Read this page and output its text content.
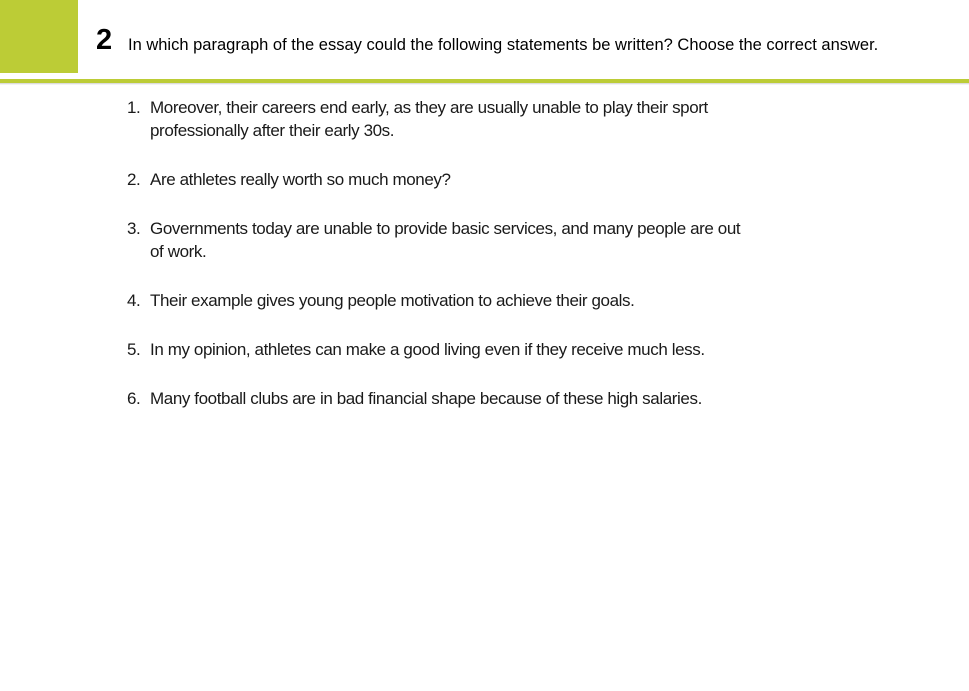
2 In which paragraph of the essay could the following statements be written? Choose the correct answer.
1. Moreover, their careers end early, as they are usually unable to play their sport professionally after their early 30s.
2. Are athletes really worth so much money?
3. Governments today are unable to provide basic services, and many people are out of work.
4. Their example gives young people motivation to achieve their goals.
5. In my opinion, athletes can make a good living even if they receive much less.
6. Many football clubs are in bad financial shape because of these high salaries.
